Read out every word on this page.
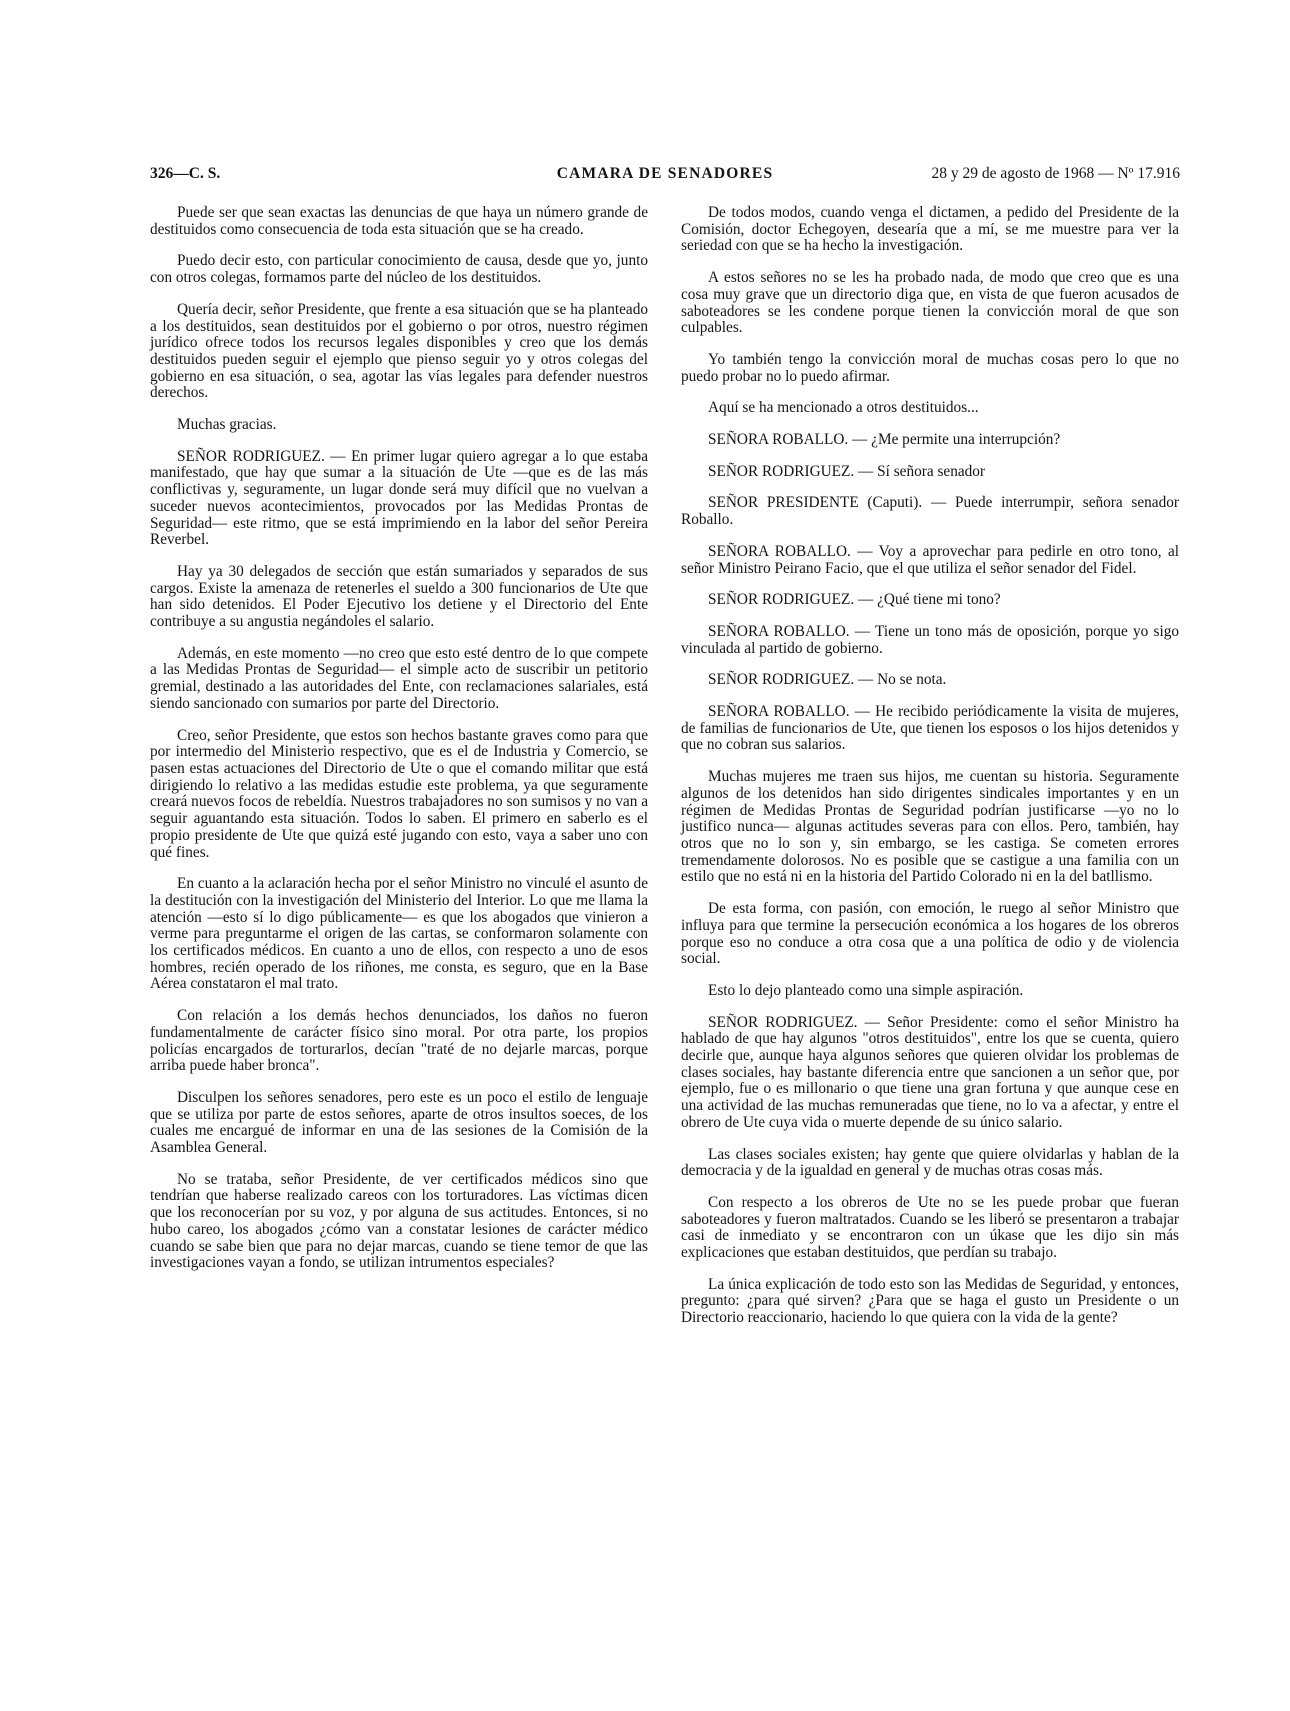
326—C. S.	CAMARA DE SENADORES	28 y 29 de agosto de 1968 — Nº 17.916

Puede ser que sean exactas las denuncias de que haya un número grande de destituidos como consecuencia de toda esta situación que se ha creado.

Puedo decir esto, con particular conocimiento de causa, desde que yo, junto con otros colegas, formamos parte del núcleo de los destituidos.

Quería decir, señor Presidente, que frente a esa situación que se ha planteado a los destituidos, sean destituidos por el gobierno o por otros, nuestro régimen jurídico ofrece todos los recursos legales disponibles y creo que los demás destituidos pueden seguir el ejemplo que pienso seguir yo y otros colegas del gobierno en esa situación, o sea, agotar las vías legales para defender nuestros derechos.

Muchas gracias.

SEÑOR RODRIGUEZ. — En primer lugar quiero agregar a lo que estaba manifestado, que hay que sumar a la situación de Ute —que es de las más conflictivas y, seguramente, un lugar donde será muy difícil que no vuelvan a suceder nuevos acontecimientos, provocados por las Medidas Prontas de Seguridad— este ritmo, que se está imprimiendo en la labor del señor Pereira Reverbel.

Hay ya 30 delegados de sección que están sumariados y separados de sus cargos. Existe la amenaza de retenerles el sueldo a 300 funcionarios de Ute que han sido detenidos. El Poder Ejecutivo los detiene y el Directorio del Ente contribuye a su angustia negándoles el salario.

Además, en este momento —no creo que esto esté dentro de lo que compete a las Medidas Prontas de Seguridad— el simple acto de suscribir un petitorio gremial, destinado a las autoridades del Ente, con reclamaciones salariales, está siendo sancionado con sumarios por parte del Directorio.

Creo, señor Presidente, que estos son hechos bastante graves como para que por intermedio del Ministerio respectivo, que es el de Industria y Comercio, se pasen estas actuaciones del Directorio de Ute o que el comando militar que está dirigiendo lo relativo a las medidas estudie este problema, ya que seguramente creará nuevos focos de rebeldía. Nuestros trabajadores no son sumisos y no van a seguir aguantando esta situación. Todos lo saben. El primero en saberlo es el propio presidente de Ute que quizá esté jugando con esto, vaya a saber uno con qué fines.

En cuanto a la aclaración hecha por el señor Ministro no vinculé el asunto de la destitución con la investigación del Ministerio del Interior. Lo que me llama la atención —esto sí lo digo públicamente— es que los abogados que vinieron a verme para preguntarme el origen de las cartas, se conformaron solamente con los certificados médicos. En cuanto a uno de ellos, con respecto a uno de esos hombres, recién operado de los riñones, me consta, es seguro, que en la Base Aérea constataron el mal trato.

Con relación a los demás hechos denunciados, los daños no fueron fundamentalmente de carácter físico sino moral. Por otra parte, los propios policías encargados de torturarlos, decían "traté de no dejarle marcas, porque arriba puede haber bronca".

Disculpen los señores senadores, pero este es un poco el estilo de lenguaje que se utiliza por parte de estos señores, aparte de otros insultos soeces, de los cuales me encargué de informar en una de las sesiones de la Comisión de la Asamblea General.

No se trataba, señor Presidente, de ver certificados médicos sino que tendrían que haberse realizado careos con los torturadores. Las víctimas dicen que los reconocerían por su voz, y por alguna de sus actitudes. Entonces, si no hubo careo, los abogados ¿cómo van a constatar lesiones de carácter médico cuando se sabe bien que para no dejar marcas, cuando se tiene temor de que las investigaciones vayan a fondo, se utilizan intrumentos especiales?

De todos modos, cuando venga el dictamen, a pedido del Presidente de la Comisión, doctor Echegoyen, desearía que a mí, se me muestre para ver la seriedad con que se ha hecho la investigación.

A estos señores no se les ha probado nada, de modo que creo que es una cosa muy grave que un directorio diga que, en vista de que fueron acusados de saboteadores se les condene porque tienen la convicción moral de que son culpables.

Yo también tengo la convicción moral de muchas cosas pero lo que no puedo probar no lo puedo afirmar.

Aquí se ha mencionado a otros destituidos...

SEÑORA ROBALLO. — ¿Me permite una interrupción?

SEÑOR RODRIGUEZ. — Sí señora senador

SEÑOR PRESIDENTE (Caputi). — Puede interrumpir, señora senador Roballo.

SEÑORA ROBALLO. — Voy a aprovechar para pedirle en otro tono, al señor Ministro Peirano Facio, que el que utiliza el señor senador del Fidel.

SEÑOR RODRIGUEZ. — ¿Qué tiene mi tono?

SEÑORA ROBALLO. — Tiene un tono más de oposición, porque yo sigo vinculada al partido de gobierno.

SEÑOR RODRIGUEZ. — No se nota.

SEÑORA ROBALLO. — He recibido periódicamente la visita de mujeres, de familias de funcionarios de Ute, que tienen los esposos o los hijos detenidos y que no cobran sus salarios.

Muchas mujeres me traen sus hijos, me cuentan su historia. Seguramente algunos de los detenidos han sido dirigentes sindicales importantes y en un régimen de Medidas Prontas de Seguridad podrían justificarse —yo no lo justifico nunca— algunas actitudes severas para con ellos. Pero, también, hay otros que no lo son y, sin embargo, se les castiga. Se cometen errores tremendamente dolorosos. No es posible que se castigue a una familia con un estilo que no está ni en la historia del Partido Colorado ni en la del batllismo.

De esta forma, con pasión, con emoción, le ruego al señor Ministro que influya para que termine la persecución económica a los hogares de los obreros porque eso no conduce a otra cosa que a una política de odio y de violencia social.

Esto lo dejo planteado como una simple aspiración.

SEÑOR RODRIGUEZ. — Señor Presidente: como el señor Ministro ha hablado de que hay algunos "otros destituidos", entre los que se cuenta, quiero decirle que, aunque haya algunos señores que quieren olvidar los problemas de clases sociales, hay bastante diferencia entre que sancionen a un señor que, por ejemplo, fue o es millonario o que tiene una gran fortuna y que aunque cese en una actividad de las muchas remuneradas que tiene, no lo va a afectar, y entre el obrero de Ute cuya vida o muerte depende de su único salario.

Las clases sociales existen; hay gente que quiere olvidarlas y hablan de la democracia y de la igualdad en general y de muchas otras cosas más.

Con respecto a los obreros de Ute no se les puede probar que fueran saboteadores y fueron maltratados. Cuando se les liberó se presentaron a trabajar casi de inmediato y se encontraron con un úkase que les dijo sin más explicaciones que estaban destituidos, que perdían su trabajo.

La única explicación de todo esto son las Medidas de Seguridad, y entonces, pregunto: ¿para qué sirven? ¿Para que se haga el gusto un Presidente o un Directorio reaccionario, haciendo lo que quiera con la vida de la gente?
